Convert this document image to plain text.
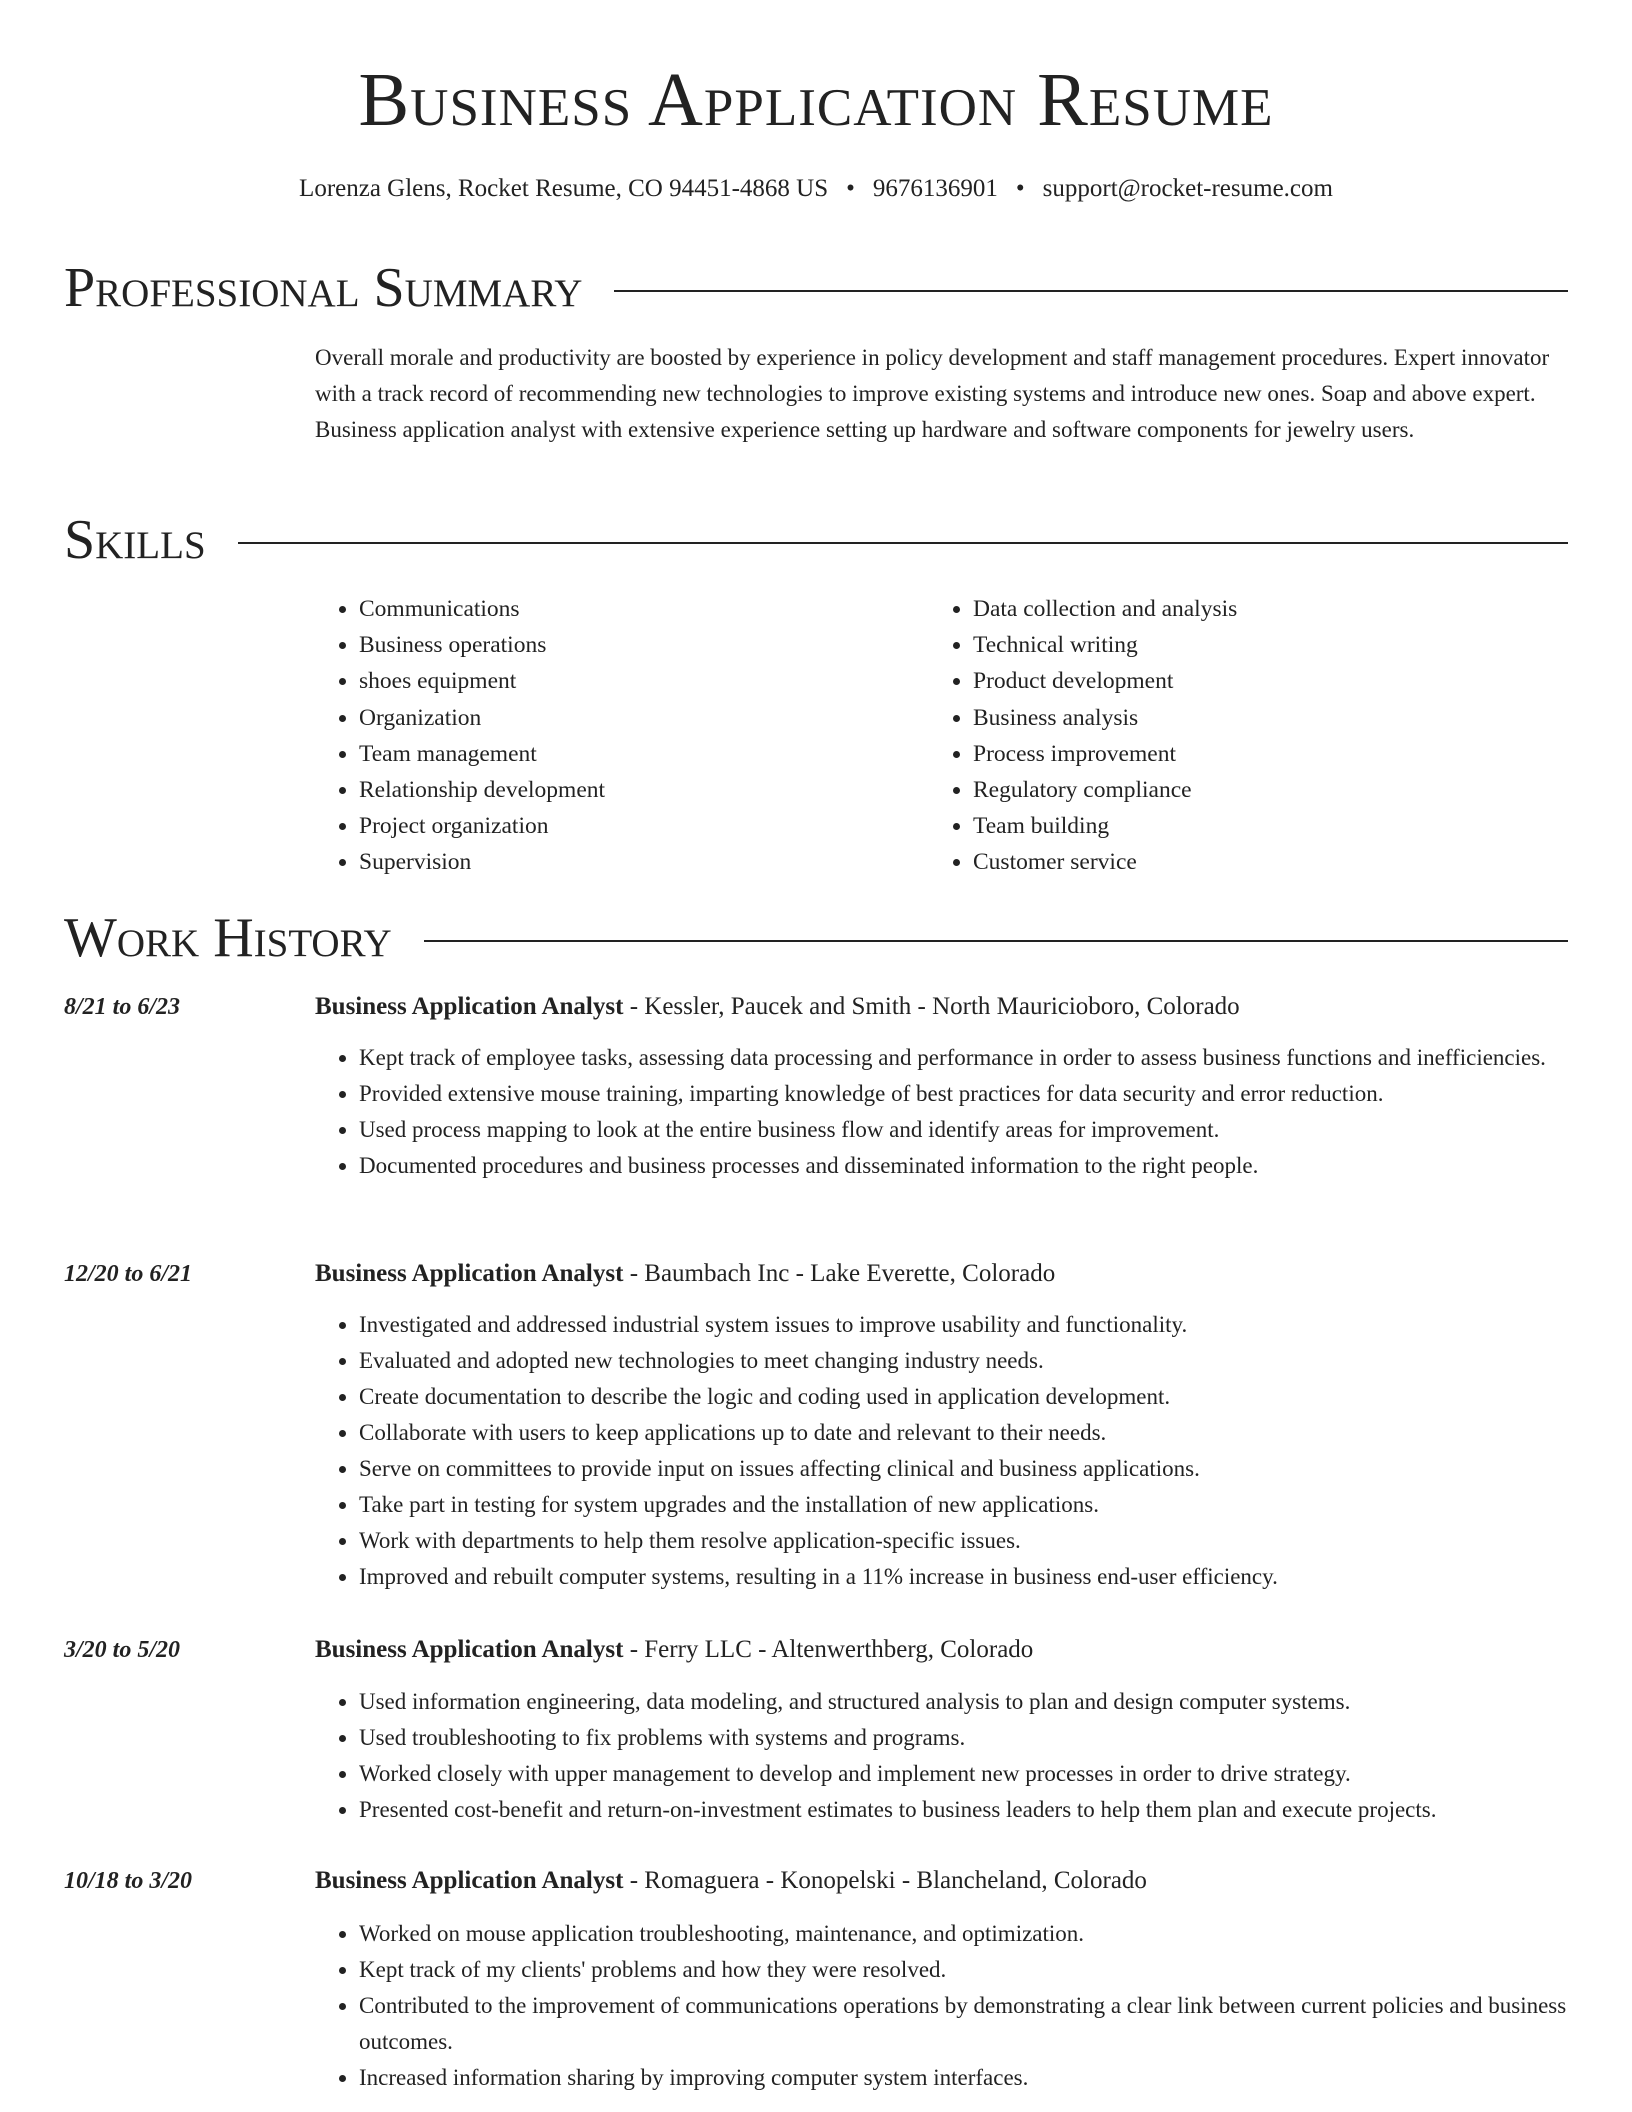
Business Application Resume
Lorenza Glens, Rocket Resume, CO 94451-4868 US • 9676136901 • support@rocket-resume.com
Professional Summary

Overall morale and productivity are boosted by experience in policy development and staff management procedures. Expert innovator with a track record of recommending new technologies to improve existing systems and introduce new ones. Soap and above expert. Business application analyst with extensive experience setting up hardware and software components for jewelry users.

Skills
• Communications
• Business operations
• shoes equipment
• Organization
• Team management
• Relationship development
• Project organization
• Supervision
• Data collection and analysis
• Technical writing
• Product development
• Business analysis
• Process improvement
• Regulatory compliance
• Team building
• Customer service
Work History
8/21 to 6/23	Business Application Analyst - Kessler, Paucek and Smith - North Mauricioboro, Colorado
• Kept track of employee tasks, assessing data processing and performance in order to assess business functions and inefficiencies.
• Provided extensive mouse training, imparting knowledge of best practices for data security and error reduction.
• Used process mapping to look at the entire business flow and identify areas for improvement.
• Documented procedures and business processes and disseminated information to the right people.
12/20 to 6/21	Business Application Analyst - Baumbach Inc - Lake Everette, Colorado
• Investigated and addressed industrial system issues to improve usability and functionality.
• Evaluated and adopted new technologies to meet changing industry needs.
• Create documentation to describe the logic and coding used in application development.
• Collaborate with users to keep applications up to date and relevant to their needs.
• Serve on committees to provide input on issues affecting clinical and business applications.
• Take part in testing for system upgrades and the installation of new applications.
• Work with departments to help them resolve application-specific issues.
• Improved and rebuilt computer systems, resulting in a 11% increase in business end-user efficiency.
3/20 to 5/20	Business Application Analyst - Ferry LLC - Altenwerthberg, Colorado
• Used information engineering, data modeling, and structured analysis to plan and design computer systems.
• Used troubleshooting to fix problems with systems and programs.
• Worked closely with upper management to develop and implement new processes in order to drive strategy.
• Presented cost-benefit and return-on-investment estimates to business leaders to help them plan and execute projects.
10/18 to 3/20	Business Application Analyst - Romaguera - Konopelski - Blancheland, Colorado
• Worked on mouse application troubleshooting, maintenance, and optimization.
• Kept track of my clients' problems and how they were resolved.
• Contributed to the improvement of communications operations by demonstrating a clear link between current policies and business outcomes.
• Increased information sharing by improving computer system interfaces.
